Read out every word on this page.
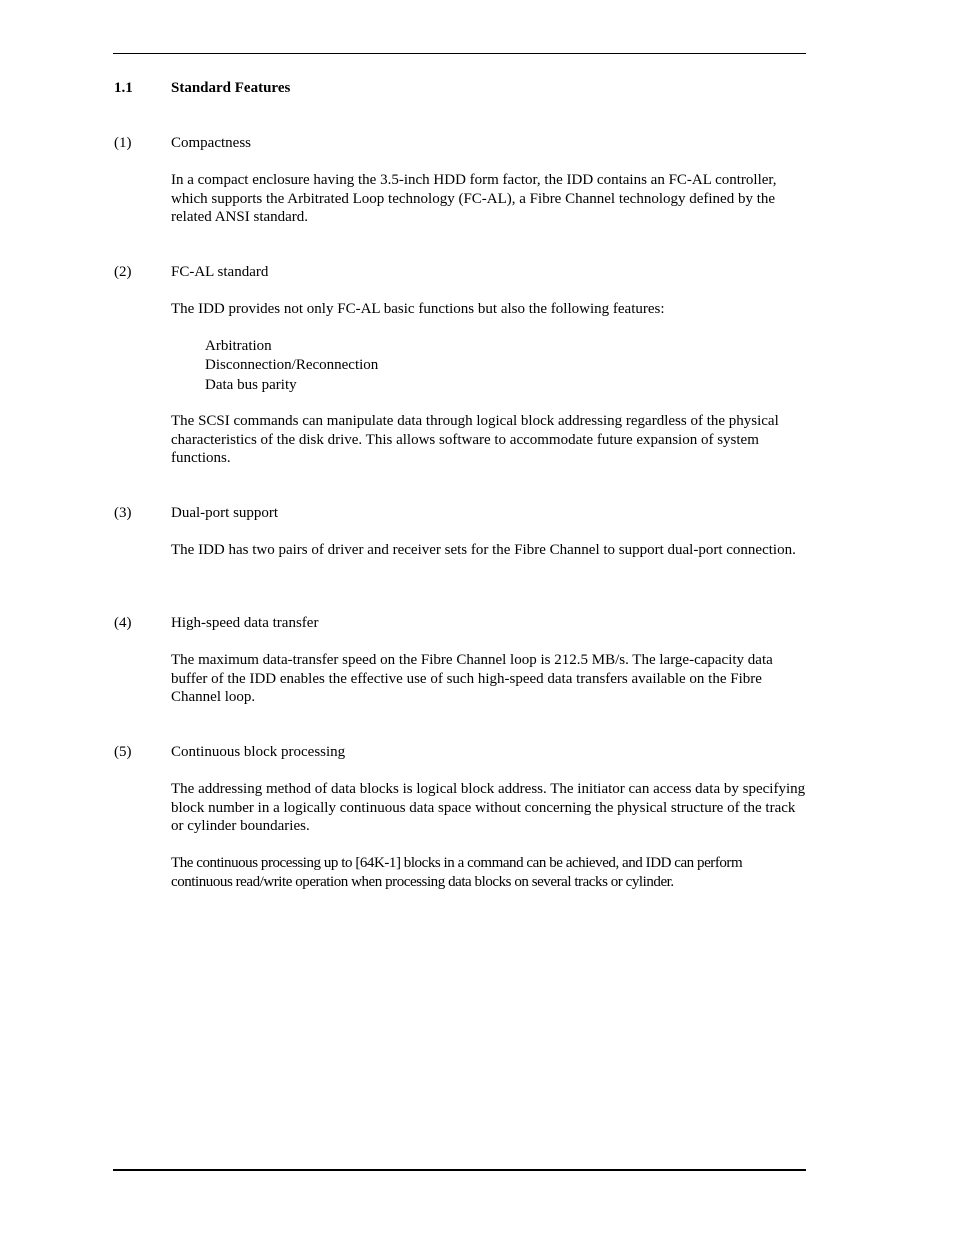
1.1	Standard Features
(1)	Compactness
In a compact enclosure having the 3.5-inch HDD form factor, the IDD contains an FC-AL controller, which supports the Arbitrated Loop technology (FC-AL), a Fibre Channel technology defined by the related ANSI standard.
(2)	FC-AL standard
The IDD provides not only FC-AL basic functions but also the following features:
Arbitration
Disconnection/Reconnection
Data bus parity
The SCSI commands can manipulate data through logical block addressing regardless of the physical characteristics of the disk drive. This allows software to accommodate future expansion of system functions.
(3)	Dual-port support
The IDD has two pairs of driver and receiver sets for the Fibre Channel to support dual-port connection.
(4)	High-speed data transfer
The maximum data-transfer speed on the Fibre Channel loop is 212.5 MB/s. The large-capacity data buffer of the IDD enables the effective use of such high-speed data transfers available on the Fibre Channel loop.
(5)	Continuous block processing
The addressing method of data blocks is logical block address. The initiator can access data by specifying block number in a logically continuous data space without concerning the physical structure of the track or cylinder boundaries.
The continuous processing up to [64K-1] blocks in a command can be achieved, and IDD can perform continuous read/write operation when processing data blocks on several tracks or cylinder.
